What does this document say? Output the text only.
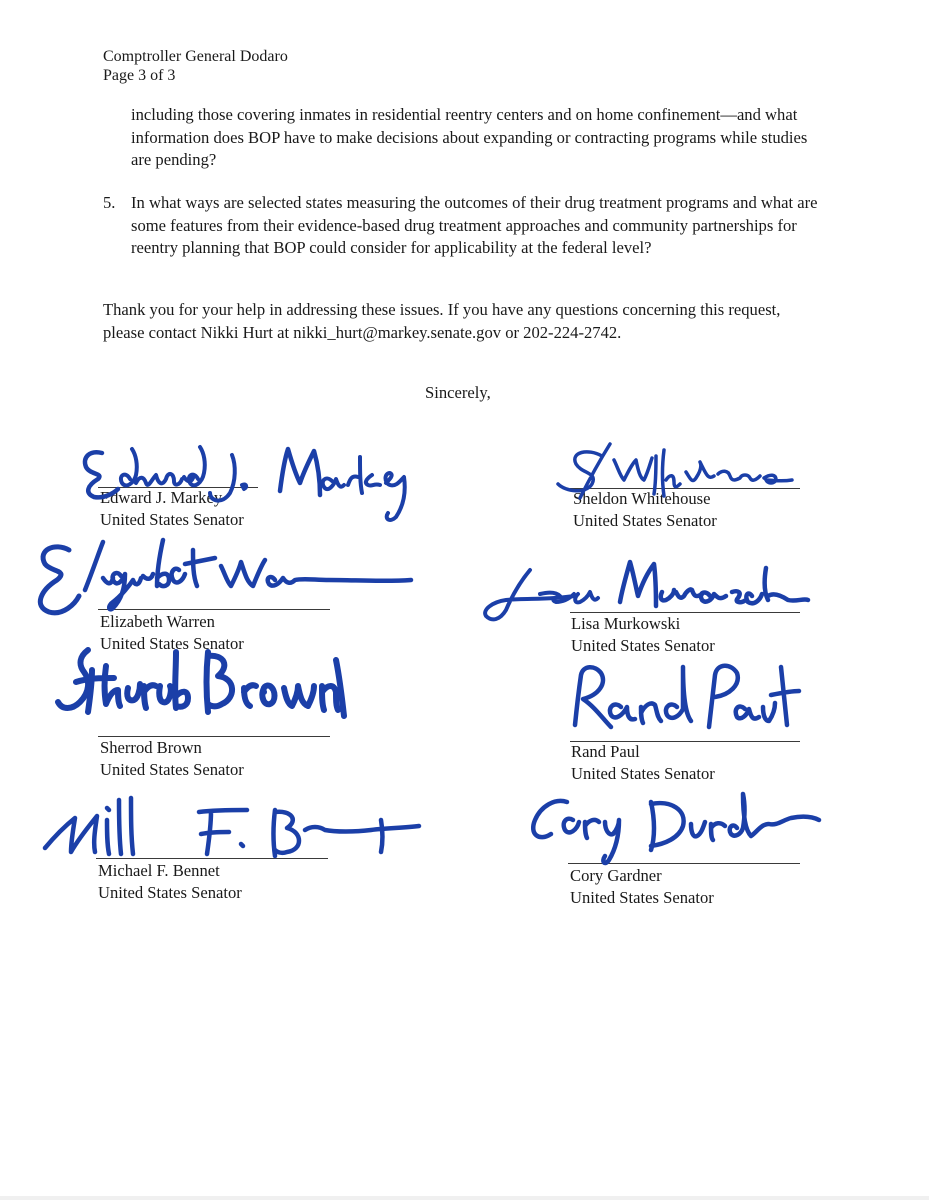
Comptroller General Dodaro
Page 3 of 3
including those covering inmates in residential reentry centers and on home confinement—and what information does BOP have to make decisions about expanding or contracting programs while studies are pending?
5. In what ways are selected states measuring the outcomes of their drug treatment programs and what are some features from their evidence-based drug treatment approaches and community partnerships for reentry planning that BOP could consider for applicability at the federal level?
Thank you for your help in addressing these issues. If you have any questions concerning this request, please contact Nikki Hurt at nikki_hurt@markey.senate.gov or 202-224-2742.
Sincerely,
Edward J. Markey
United States Senator
Elizabeth Warren
United States Senator
Sherrod Brown
United States Senator
Michael F. Bennet
United States Senator
Sheldon Whitehouse
United States Senator
Lisa Murkowski
United States Senator
Rand Paul
United States Senator
Cory Gardner
United States Senator
